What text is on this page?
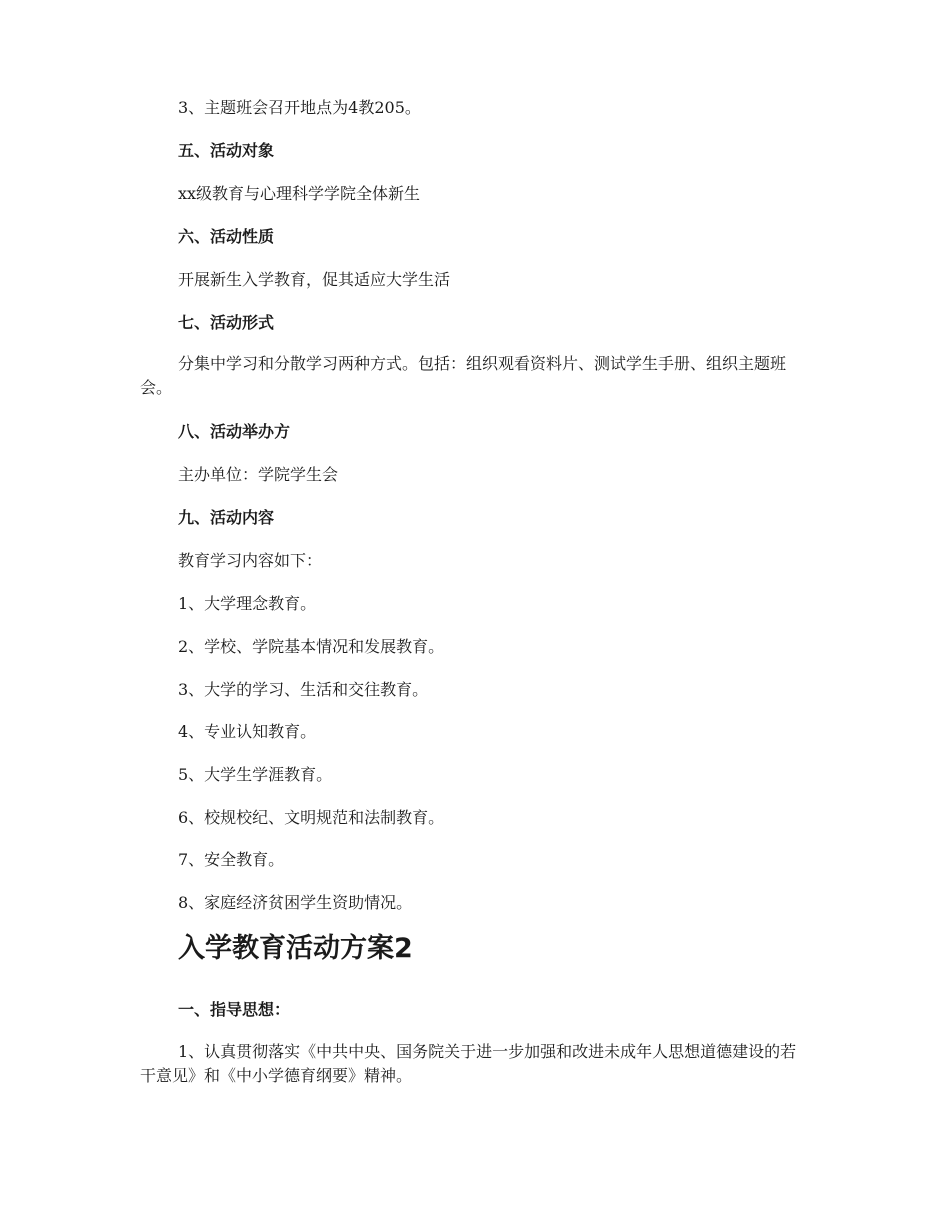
3、主题班会召开地点为4教205。
五、活动对象
xx级教育与心理科学学院全体新生
六、活动性质
开展新生入学教育，促其适应大学生活
七、活动形式
分集中学习和分散学习两种方式。包括：组织观看资料片、测试学生手册、组织主题班会。
八、活动举办方
主办单位：学院学生会
九、活动内容
教育学习内容如下：
1、大学理念教育。
2、学校、学院基本情况和发展教育。
3、大学的学习、生活和交往教育。
4、专业认知教育。
5、大学生学涯教育。
6、校规校纪、文明规范和法制教育。
7、安全教育。
8、家庭经济贫困学生资助情况。
入学教育活动方案2
一、指导思想：
1、认真贯彻落实《中共中央、国务院关于进一步加强和改进未成年人思想道德建设的若干意见》和《中小学德育纲要》精神。
